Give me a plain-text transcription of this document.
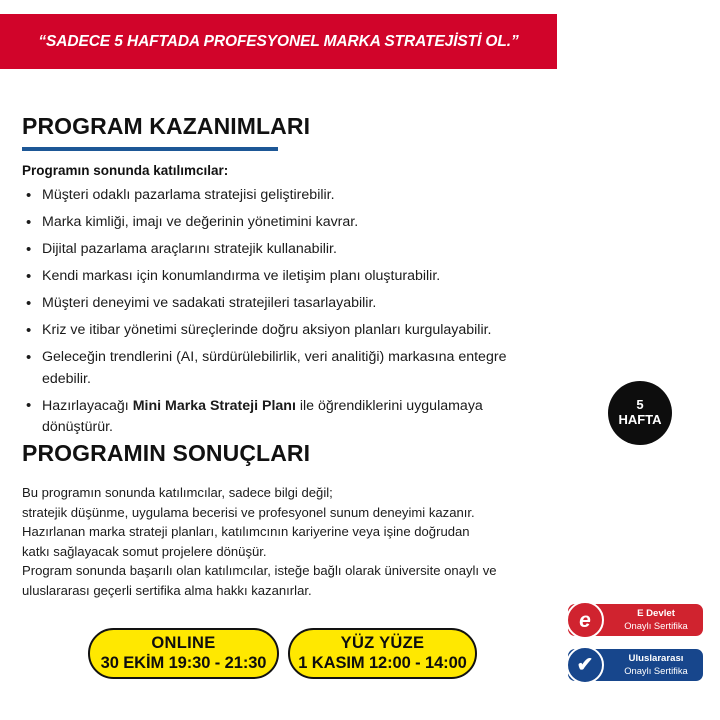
“SADECE 5 HAFTADA PROFESYONEL MARKA STRATEJİSTİ OL.”
PROGRAM KAZANIMLARI

Programın sonunda katılımcılar:

• Müşteri odaklı pazarlama stratejisi geliştirebilir.
• Marka kimliği, imajı ve değerinin yönetimini kavrar.
• Dijital pazarlama araçlarını stratejik kullanabilir.
• Kendi markası için konumlandırma ve iletişim planı oluşturabilir.
• Müşteri deneyimi ve sadakati stratejileri tasarlayabilir.
• Kriz ve itibar yönetimi süreçlerinde doğru aksiyon planları kurgulayabilir.
• Geleceğin trendlerini (AI, sürdürülebilirlik, veri analitiği) markasına entegre edebilir.
• Hazırlayacağı Mini Marka Strateji Planı ile öğrendiklerini uygulamaya dönüştürür.
PROGRAMIN SONUÇLARI

Bu programın sonunda katılımcılar, sadece bilgi değil;
stratejik düşünme, uygulama becerisi ve profesyonel sunum deneyimi kazanır.
Hazırlanan marka strateji planları, katılımcının kariyerine veya işine doğrudan
katkı sağlayacak somut projelere dönüşür.
Program sonunda başarılı olan katılımcılar, isteğe bağlı olarak üniversite onaylı ve
uluslararası geçerli sertifika alma hakkı kazanırlar.

5
HAFTA
ONLINE
30 EKİM 19:30 - 21:30
YÜZ YÜZE
1 KASIM 12:00 - 14:00
e	E Devlet
Onaylı Sertifika
✔	Uluslararası
Onaylı Sertifika
